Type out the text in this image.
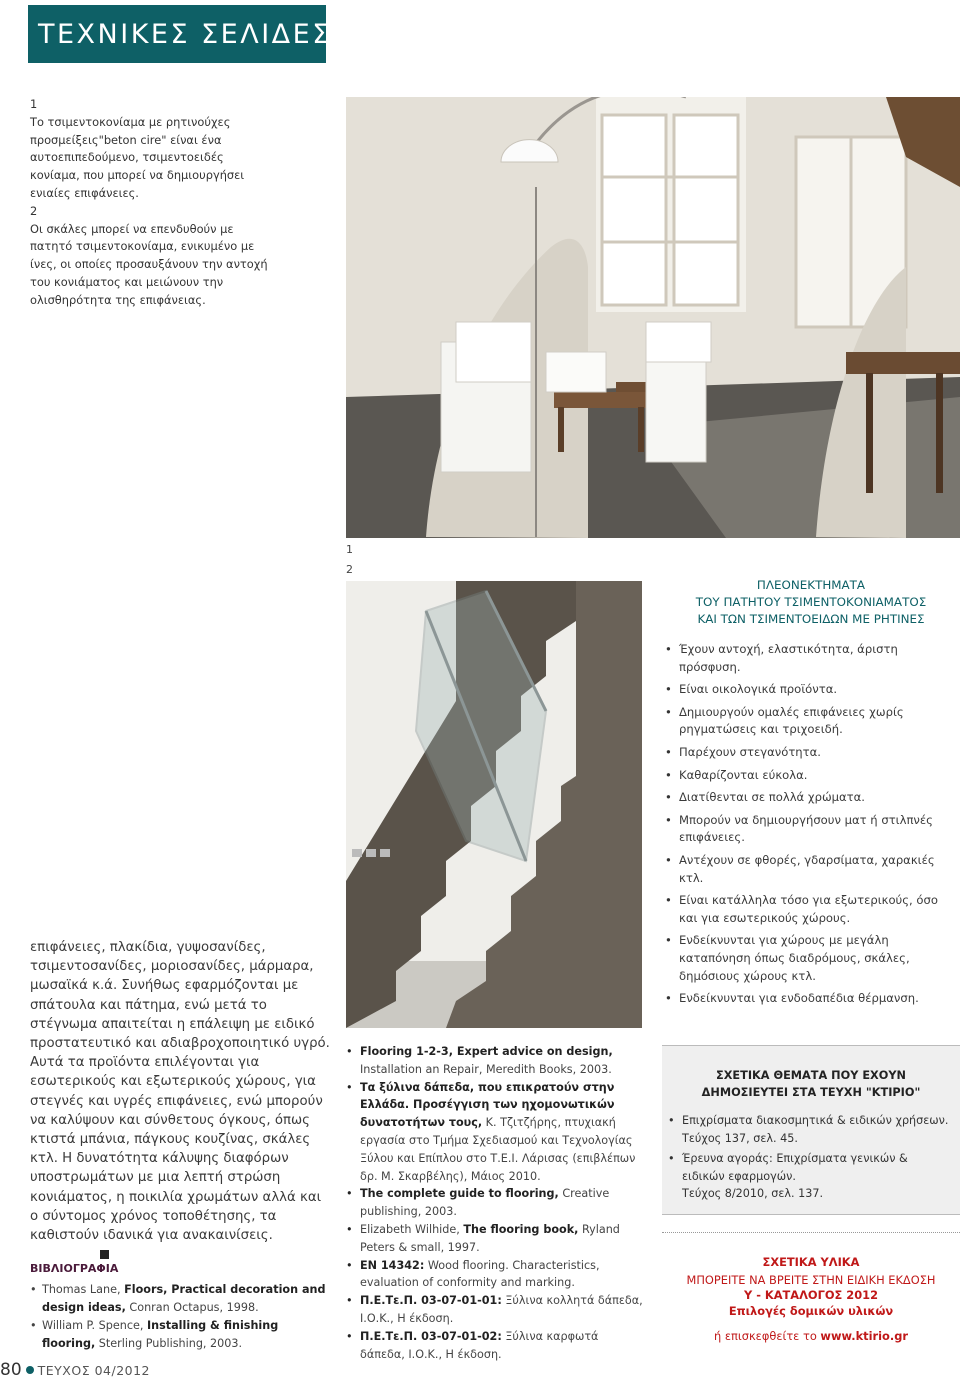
ΤΕΧΝΙΚΕΣ ΣΕΛΙΔΕΣ

1

Το τσιμεντοκονίαμα με ρητινούχες προσμείξεις"beton cire" είναι ένα αυτοεπιπεδούμενο, τσιμεντοειδές κονίαμα, που μπορεί να δημιουργήσει ενιαίες επιφάνειες.

2

Οι σκάλες μπορεί να επενδυθούν με πατητό τσιμεντοκονίαμα, ενικυμένο με ίνες, οι οποίες προσαυξάνουν την αντοχή του κονιάματος και μειώνουν την ολισθηρότητα της επιφάνειας.

1
2
ΠΛΕΟΝΕΚΤΗΜΑΤΑ
ΤΟΥ ΠΑΤΗΤΟΥ ΤΣΙΜΕΝΤΟΚΟΝΙΑΜΑΤΟΣ
ΚΑΙ ΤΩΝ ΤΣΙΜΕΝΤΟΕΙΔΩΝ ΜΕ ΡΗΤΙΝΕΣ
• Έχουν αντοχή, ελαστικότητα, άριστη πρόσφυση.
• Είναι οικολογικά προϊόντα.
• Δημιουργούν ομαλές επιφάνειες χωρίς ρηγματώσεις και τριχοειδή.
• Παρέχουν στεγανότητα.
• Καθαρίζονται εύκολα.
• Διατίθενται σε πολλά χρώματα.
• Μπορούν να δημιουργήσουν ματ ή στιλπνές επιφάνειες.
• Αντέχουν σε φθορές, γδαρσίματα, χαρακιές κτλ.
• Είναι κατάλληλα τόσο για εξωτερικούς, όσο και για εσωτερικούς χώρους.
• Ενδείκνυνται για χώρους με μεγάλη καταπόνηση όπως διαδρόμους, σκάλες, δημόσιους χώρους κτλ.
• Ενδείκνυνται για ενδοδαπέδια θέρμανση.
επιφάνειες, πλακίδια, γυψοσανίδες, τσιμεντοσανίδες, μοριοσανίδες, μάρμαρα, μωσαϊκά κ.ά. Συνήθως εφαρμόζονται με σπάτουλα και πάτημα, ενώ μετά το στέγνωμα απαιτείται η επάλειψη με ειδικό προστατευτικό και αδιαβροχοποιητικό υγρό. Αυτά τα προϊόντα επιλέγονται για εσωτερικούς και εξωτερικούς χώρους, για στεγνές και υγρές επιφάνειες, ενώ μπορούν να καλύψουν και σύνθετους όγκους, όπως κτιστά μπάνια, πάγκους κουζίνας, σκάλες κτλ. Η δυνατότητα κάλυψης διαφόρων υποστρωμάτων με μια λεπτή στρώση κονιάματος, η ποικιλία χρωμάτων αλλά και ο σύντομος χρόνος τοποθέτησης, τα καθιστούν ιδανικά για ανακαινίσεις.
ΒΙΒΛΙΟΓΡΑΦΙΑ
• Thomas Lane, Floors, Practical decoration and design ideas, Conran Octapus, 1998.
• William P. Spence, Installing & finishing flooring, Sterling Publishing, 2003.
• Flooring 1-2-3, Expert advice on design, Installation an Repair, Meredith Books, 2003.
• Τα ξύλινα δάπεδα, που επικρατούν στην Ελλάδα. Προσέγγιση των ηχομονωτικών δυνατοτήτων τους, Κ. Τζιτζήρης, πτυχιακή εργασία στο Τμήμα Σχεδιασμού και Τεχνολογίας Ξύλου και Επίπλου στο Τ.Ε.Ι. Λάρισας (επιβλέπων δρ. Μ. Σκαρβέλης), Μάιος 2010.
• The complete guide to flooring, Creative publishing, 2003.
• Elizabeth Wilhide, The flooring book, Ryland Peters & small, 1997.
• EN 14342: Wood flooring. Characteristics, evaluation of conformity and marking.
• Π.Ε.Τε.Π. 03-07-01-01: Ξύλινα κολλητά δάπεδα, Ι.Ο.Κ., Η έκδοση.
• Π.Ε.Τε.Π. 03-07-01-02: Ξύλινα καρφωτά δάπεδα, Ι.Ο.Κ., Η έκδοση.
ΣΧΕΤΙΚΑ ΘΕΜΑΤΑ ΠΟΥ ΕΧΟΥΝ
ΔΗΜΟΣΙΕΥΤΕΙ ΣΤΑ ΤΕΥΧΗ "ΚΤΙΡΙΟ"
• Επιχρίσματα διακοσμητικά & ειδικών χρήσεων.
Τεύχος 137, σελ. 45.
• Έρευνα αγοράς: Επιχρίσματα γενικών & ειδικών εφαρμογών.
Τεύχος 8/2010, σελ. 137.
ΣΧΕΤΙΚΑ ΥΛΙΚΑ
ΜΠΟΡΕΙΤΕ ΝΑ ΒΡΕΙΤΕ ΣΤΗΝ ΕΙΔΙΚΗ ΕΚΔΟΣΗ
Υ - ΚΑΤΑΛΟΓΟΣ 2012
Επιλογές δομικών υλικών
ή επισκεφθείτε το www.ktirio.gr
80 ΤΕΥΧΟΣ 04/2012
